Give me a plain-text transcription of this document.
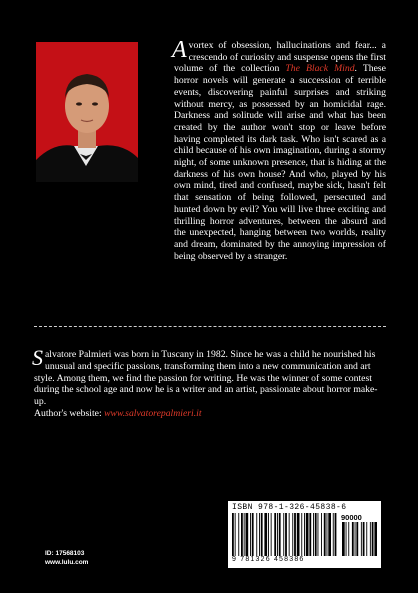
A vortex of obsession, hallucinations and fear... a crescendo of curiosity and suspense opens the first volume of the collection The Black Mind. These horror novels will generate a succession of terrible events, discovering painful surprises and striking without mercy, as possessed by an homicidal rage. Darkness and solitude will arise and what has been created by the author won't stop or leave before having completed its dark task. Who isn't scared as a child because of his own imagination, during a stormy night, of some unknown presence, that is hiding at the darkness of his own house? And who, played by his own mind, tired and confused, maybe sick, hasn't felt that sensation of being followed, persecuted and hunted down by evil? You will live three exciting and thrilling horror adventures, between the absurd and the unexpected, hanging between two worlds, reality and dream, dominated by the annoying impression of being observed by a stranger.
Salvatore Palmieri was born in Tuscany in 1982. Since he was a child he nourished his unusual and specific passions, transforming them into a new communication and art style. Among them, we find the passion for writing. He was the winner of some contest during the school age and now he is a writer and an artist, passionate about horror make-up.
Author's website: www.salvatorepalmieri.it
ID: 17568103
www.lulu.com
ISBN 978-1-326-45838-6
90000
9 781326 458386
